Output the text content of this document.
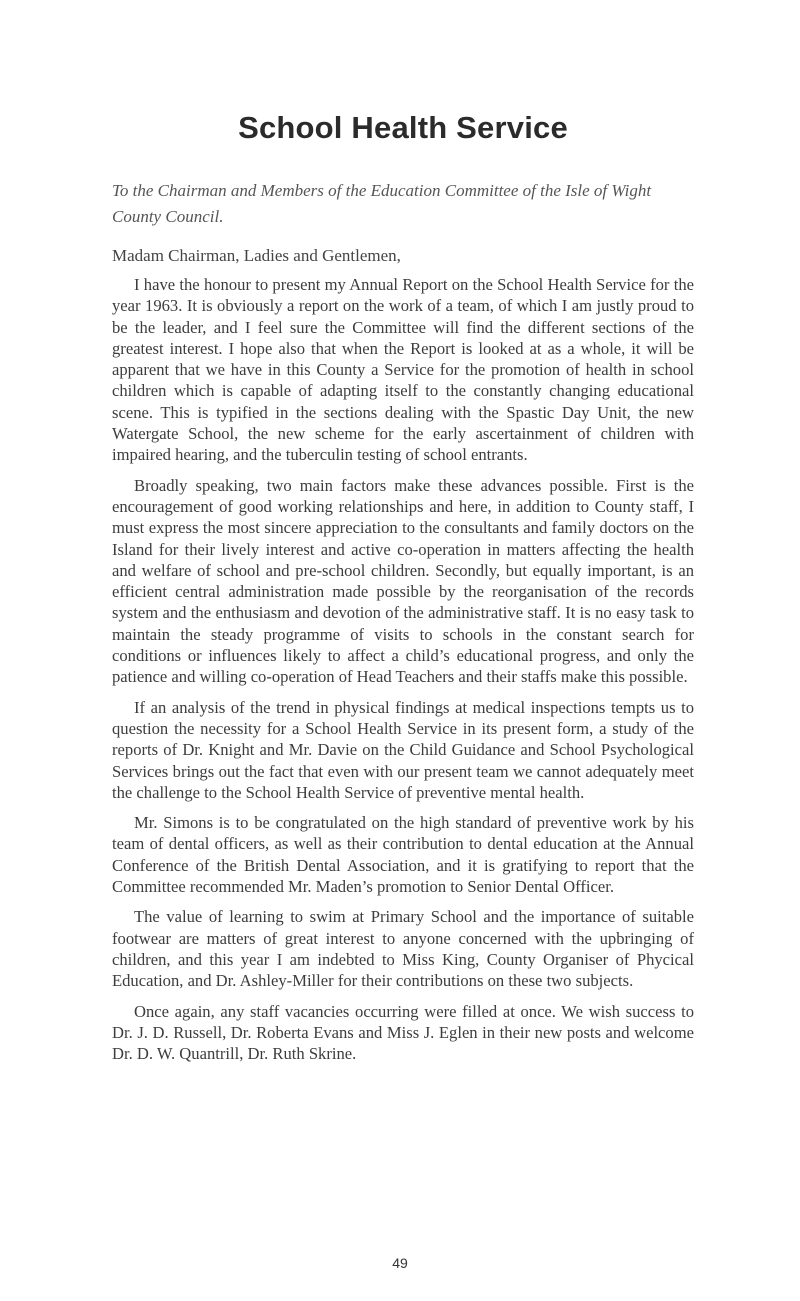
School Health Service

To the Chairman and Members of the Education Committee of the Isle of Wight County Council.

Madam Chairman, Ladies and Gentlemen,

I have the honour to present my Annual Report on the School Health Service for the year 1963. It is obviously a report on the work of a team, of which I am justly proud to be the leader, and I feel sure the Committee will find the different sections of the greatest interest. I hope also that when the Report is looked at as a whole, it will be apparent that we have in this County a Service for the promotion of health in school children which is capable of adapting itself to the constantly changing educational scene. This is typified in the sections dealing with the Spastic Day Unit, the new Watergate School, the new scheme for the early ascertainment of children with impaired hearing, and the tuberculin testing of school entrants.

Broadly speaking, two main factors make these advances possible. First is the encouragement of good working relationships and here, in addition to County staff, I must express the most sincere appreciation to the consultants and family doctors on the Island for their lively interest and active co-operation in matters affecting the health and welfare of school and pre-school children. Secondly, but equally important, is an efficient central administration made possible by the reorganisation of the records system and the enthusiasm and devotion of the administrative staff. It is no easy task to maintain the steady programme of visits to schools in the constant search for conditions or influences likely to affect a child’s educational progress, and only the patience and willing co-operation of Head Teachers and their staffs make this possible.

If an analysis of the trend in physical findings at medical inspections tempts us to question the necessity for a School Health Service in its present form, a study of the reports of Dr. Knight and Mr. Davie on the Child Guidance and School Psychological Services brings out the fact that even with our present team we cannot adequately meet the challenge to the School Health Service of preventive mental health.

Mr. Simons is to be congratulated on the high standard of preventive work by his team of dental officers, as well as their contribution to dental education at the Annual Conference of the British Dental Association, and it is gratifying to report that the Committee recommended Mr. Maden’s promotion to Senior Dental Officer.

The value of learning to swim at Primary School and the importance of suitable footwear are matters of great interest to anyone concerned with the upbringing of children, and this year I am indebted to Miss King, County Organiser of Phycical Education, and Dr. Ashley-Miller for their contributions on these two subjects.

Once again, any staff vacancies occurring were filled at once. We wish success to Dr. J. D. Russell, Dr. Roberta Evans and Miss J. Eglen in their new posts and welcome Dr. D. W. Quantrill, Dr. Ruth Skrine.

49
